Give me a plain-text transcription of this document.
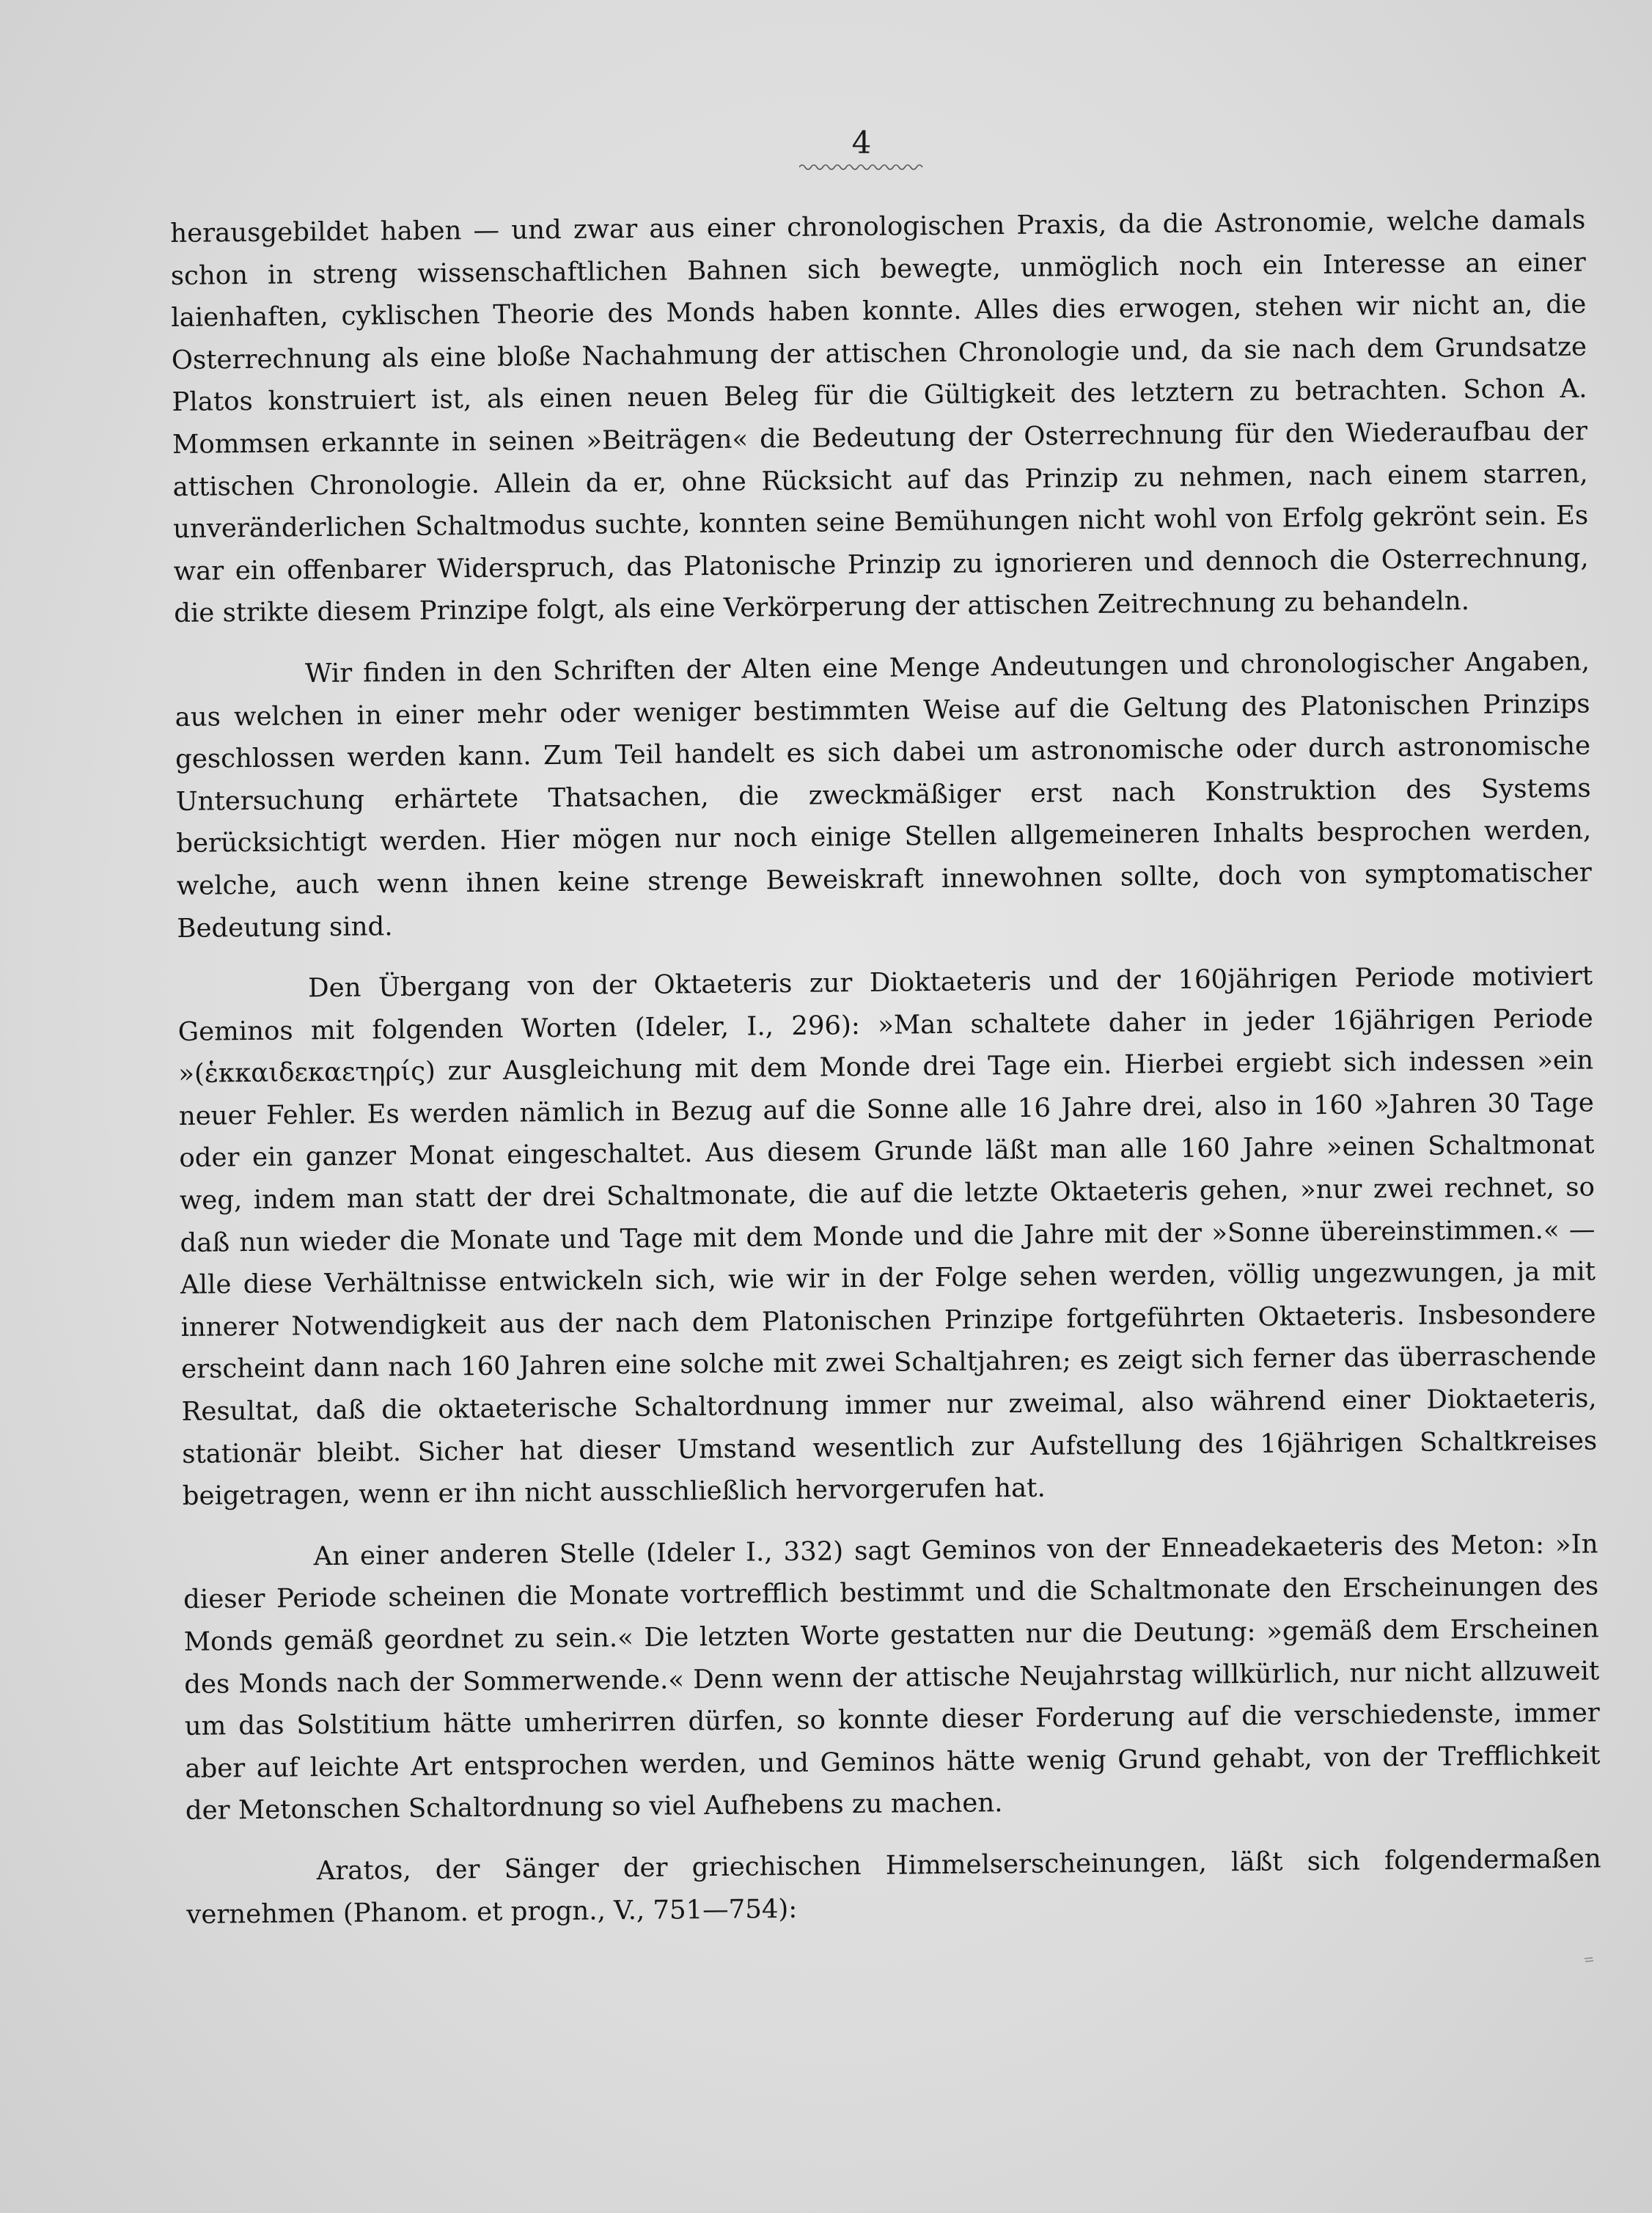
4

herausgebildet haben — und zwar aus einer chronologischen Praxis, da die Astronomie, welche damals schon in streng wissenschaftlichen Bahnen sich bewegte, unmöglich noch ein Interesse an einer laienhaften, cyklischen Theorie des Monds haben konnte. Alles dies erwogen, stehen wir nicht an, die Osterrechnung als eine bloße Nachahmung der attischen Chronologie und, da sie nach dem Grundsatze Platos konstruiert ist, als einen neuen Beleg für die Gültigkeit des letztern zu betrachten. Schon A. Mommsen erkannte in seinen »Beiträgen« die Bedeutung der Osterrechnung für den Wiederaufbau der attischen Chronologie. Allein da er, ohne Rücksicht auf das Prinzip zu nehmen, nach einem starren, unveränderlichen Schaltmodus suchte, konnten seine Bemühungen nicht wohl von Erfolg gekrönt sein. Es war ein offenbarer Widerspruch, das Platonische Prinzip zu ignorieren und dennoch die Osterrechnung, die strikte diesem Prinzipe folgt, als eine Verkörperung der attischen Zeitrechnung zu behandeln.

Wir finden in den Schriften der Alten eine Menge Andeutungen und chronologischer Angaben, aus welchen in einer mehr oder weniger bestimmten Weise auf die Geltung des Platonischen Prinzips geschlossen werden kann. Zum Teil handelt es sich dabei um astronomische oder durch astronomische Untersuchung erhärtete Thatsachen, die zweckmäßiger erst nach Konstruktion des Systems berücksichtigt werden. Hier mögen nur noch einige Stellen allgemeineren Inhalts besprochen werden, welche, auch wenn ihnen keine strenge Beweiskraft innewohnen sollte, doch von symptomatischer Bedeutung sind.

Den Übergang von der Oktaeteris zur Dioktaeteris und der 160jährigen Periode motiviert Geminos mit folgenden Worten (Ideler, I., 296): »Man schaltete daher in jeder 16jährigen Periode »(ἑκκαιδεκαετηρίς) zur Ausgleichung mit dem Monde drei Tage ein. Hierbei ergiebt sich indessen »ein neuer Fehler. Es werden nämlich in Bezug auf die Sonne alle 16 Jahre drei, also in 160 »Jahren 30 Tage oder ein ganzer Monat eingeschaltet. Aus diesem Grunde läßt man alle 160 Jahre »einen Schaltmonat weg, indem man statt der drei Schaltmonate, die auf die letzte Oktaeteris gehen, »nur zwei rechnet, so daß nun wieder die Monate und Tage mit dem Monde und die Jahre mit der »Sonne übereinstimmen.« — Alle diese Verhältnisse entwickeln sich, wie wir in der Folge sehen werden, völlig ungezwungen, ja mit innerer Notwendigkeit aus der nach dem Platonischen Prinzipe fortgeführten Oktaeteris. Insbesondere erscheint dann nach 160 Jahren eine solche mit zwei Schaltjahren; es zeigt sich ferner das überraschende Resultat, daß die oktaeterische Schaltordnung immer nur zweimal, also während einer Dioktaeteris, stationär bleibt. Sicher hat dieser Umstand wesentlich zur Aufstellung des 16jährigen Schaltkreises beigetragen, wenn er ihn nicht ausschließlich hervorgerufen hat.

An einer anderen Stelle (Ideler I., 332) sagt Geminos von der Enneadekaeteris des Meton: »In dieser Periode scheinen die Monate vortrefflich bestimmt und die Schaltmonate den Erscheinungen des Monds gemäß geordnet zu sein.« Die letzten Worte gestatten nur die Deutung: »gemäß dem Erscheinen des Monds nach der Sommerwende.« Denn wenn der attische Neujahrstag willkürlich, nur nicht allzuweit um das Solstitium hätte umherirren dürfen, so konnte dieser Forderung auf die verschiedenste, immer aber auf leichte Art entsprochen werden, und Geminos hätte wenig Grund gehabt, von der Trefflichkeit der Metonschen Schaltordnung so viel Aufhebens zu machen.

Aratos, der Sänger der griechischen Himmelserscheinungen, läßt sich folgendermaßen vernehmen (Phanom. et progn., V., 751—754):
